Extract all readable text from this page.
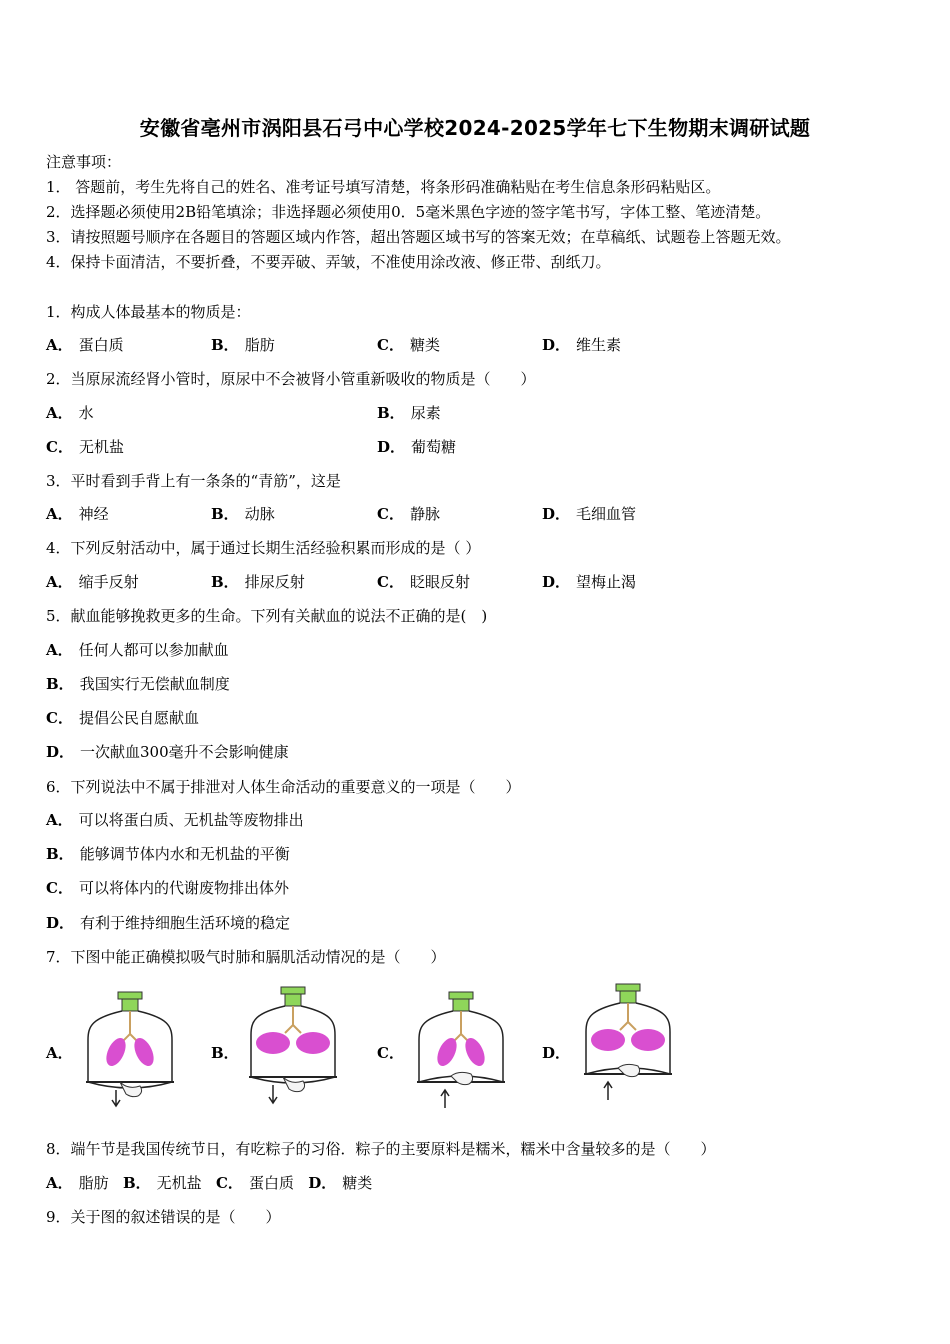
安徽省亳州市涡阳县石弓中心学校2024-2025学年七下生物期末调研试题
注意事项：
1． 答题前，考生先将自己的姓名、准考证号填写清楚，将条形码准确粘贴在考生信息条形码粘贴区。
2．选择题必须使用2B铅笔填涂；非选择题必须使用0．5毫米黑色字迹的签字笔书写，字体工整、笔迹清楚。
3．请按照题号顺序在各题目的答题区域内作答，超出答题区域书写的答案无效；在草稿纸、试题卷上答题无效。
4．保持卡面清洁，不要折叠，不要弄破、弄皱，不准使用涂改液、修正带、刮纸刀。
1．构成人体最基本的物质是：
A． 蛋白质	B． 脂肪	C． 糖类	D． 维生素
2．当原尿流经肾小管时，原尿中不会被肾小管重新吸收的物质是（　　）
A． 水	B． 尿素
C． 无机盐	D． 葡萄糖
3．平时看到手背上有一条条的“青筋”，这是
A． 神经	B． 动脉	C． 静脉	D． 毛细血管
4．下列反射活动中，属于通过长期生活经验积累而形成的是（ ）
A． 缩手反射	B． 排尿反射	C． 眨眼反射	D． 望梅止渴
5．献血能够挽救更多的生命。下列有关献血的说法不正确的是(　)
A． 任何人都可以参加献血
B． 我国实行无偿献血制度
C． 提倡公民自愿献血
D． 一次献血300毫升不会影响健康
6．下列说法中不属于排泄对人体生命活动的重要意义的一项是（　　）
A． 可以将蛋白质、无机盐等废物排出
B． 能够调节体内水和无机盐的平衡
C． 可以将体内的代谢废物排出体外
D． 有利于维持细胞生活环境的稳定
7．下图中能正确模拟吸气时肺和膈肌活动情况的是（　　）
A．	B．	C．	D．
8．端午节是我国传统节日，有吃粽子的习俗．粽子的主要原料是糯米，糯米中含量较多的是（　　）
A． 脂肪 B． 无机盐 C． 蛋白质 D． 糖类
9．关于图的叙述错误的是（　　）
